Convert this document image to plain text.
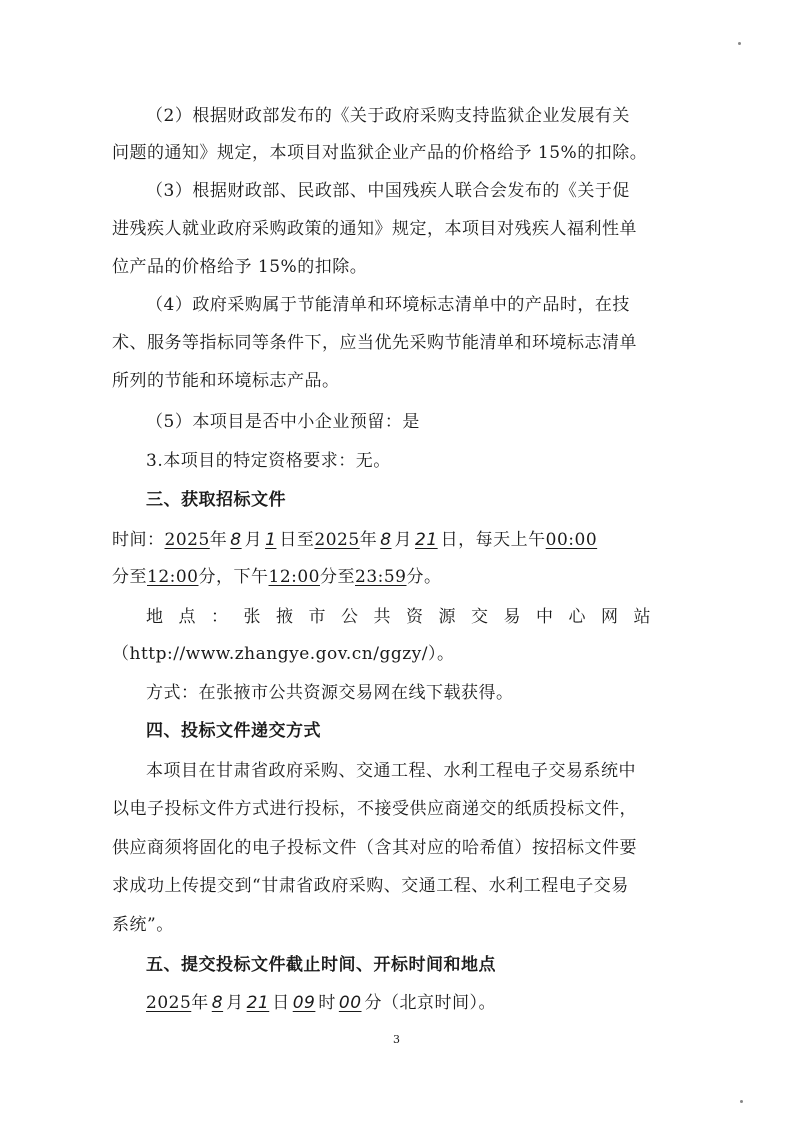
（2）根据财政部发布的《关于政府采购支持监狱企业发展有关
问题的通知》规定，本项目对监狱企业产品的价格给予 15%的扣除。
（3）根据财政部、民政部、中国残疾人联合会发布的《关于促
进残疾人就业政府采购政策的通知》规定，本项目对残疾人福利性单
位产品的价格给予 15%的扣除。
（4）政府采购属于节能清单和环境标志清单中的产品时，在技
术、服务等指标同等条件下，应当优先采购节能清单和环境标志清单
所列的节能和环境标志产品。
（5）本项目是否中小企业预留：是
3.本项目的特定资格要求：无。
三、获取招标文件
时间：2025年 8 月 1 日至2025年 8 月 21 日，每天上午00:00
分至12:00分，下午12:00分至23:59分。
地点：张掖市公共资源交易中心网站
（http://www.zhangye.gov.cn/ggzy/）。
方式：在张掖市公共资源交易网在线下载获得。
四、投标文件递交方式
本项目在甘肃省政府采购、交通工程、水利工程电子交易系统中
以电子投标文件方式进行投标，不接受供应商递交的纸质投标文件，
供应商须将固化的电子投标文件（含其对应的哈希值）按招标文件要
求成功上传提交到“甘肃省政府采购、交通工程、水利工程电子交易
系统”。
五、提交投标文件截止时间、开标时间和地点
2025年 8 月 21 日 09 时 00 分（北京时间）。
3
